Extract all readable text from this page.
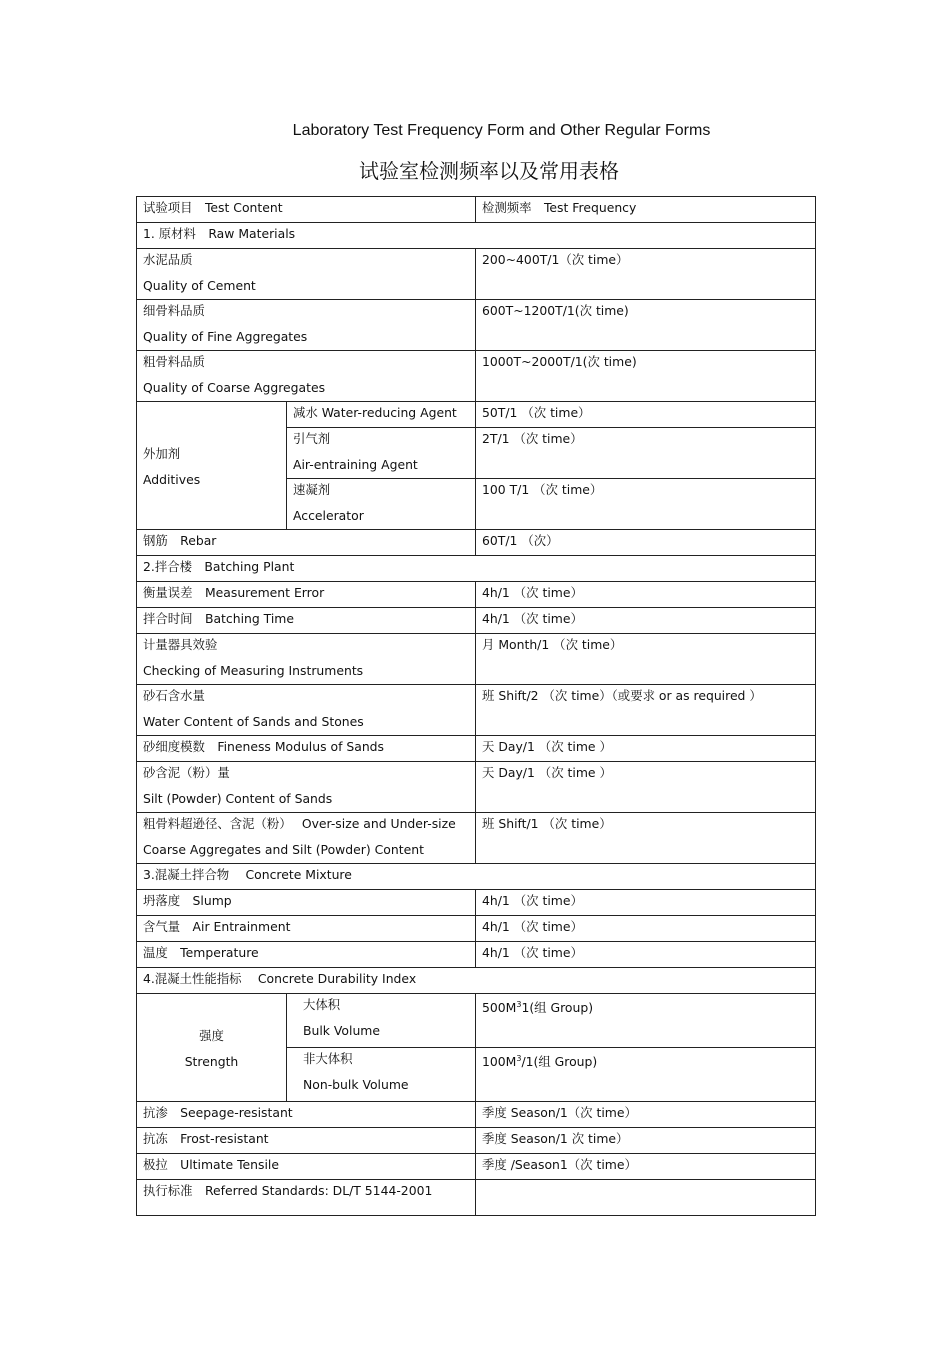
Laboratory Test Frequency Form and Other Regular Forms
试验室检测频率以及常用表格
试验项目　Test Content		检测频率　Test Frequency
1. 原材料　Raw Materials		

水泥品质
Quality of Cement		200~400T/1（次 time）

细骨料品质
Quality of Fine Aggregates		600T~1200T/1(次 time)

粗骨料品质
Quality of Coarse Aggregates		1000T~2000T/1(次 time)

外加剂
Additives	减水 Water-reducing Agent	50T/1 （次 time）

	引气剂
Air-entraining Agent	2T/1 （次 time）

	速凝剂
Accelerator	100 T/1 （次 time）
钢筋　Rebar		60T/1 （次）
2.拌合楼　Batching Plant		
衡量误差　Measurement Error		4h/1 （次 time）
拌合时间　Batching Time		4h/1 （次 time）

计量器具效验
Checking of Measuring Instruments		月 Month/1 （次 time）

砂石含水量
Water Content of Sands and Stones		班 Shift/2 （次 time）（或要求 or as required ）
砂细度模数　Fineness Modulus of Sands		天 Day/1 （次 time ）

砂含泥（粉）量
Silt (Powder) Content of Sands		天 Day/1 （次 time ）

粗骨料超逊径、含泥（粉）　 Over-size and Under-size
Coarse Aggregates and Silt (Powder) Content		班 Shift/1 （次 time）
3.混凝土拌合物　 Concrete Mixture		
坍落度　Slump		4h/1 （次 time）
含气量　Air Entrainment		4h/1 （次 time）
温度　Temperature		4h/1 （次 time）
4.混凝土性能指标　 Concrete Durability Index		

强度
Strength	大体积
Bulk Volume	$500M^31$(组 Group)

	非大体积
Non-bulk Volume	$100M^3/1$(组 Group)
抗渗　Seepage-resistant		季度 Season/1（次 time）
抗冻　Frost-resistant		季度 Season/1 次 time）
极拉　Ultimate Tensile		季度 /Season1（次 time）
执行标准　Referred Standards: DL/T 5144-2001		
